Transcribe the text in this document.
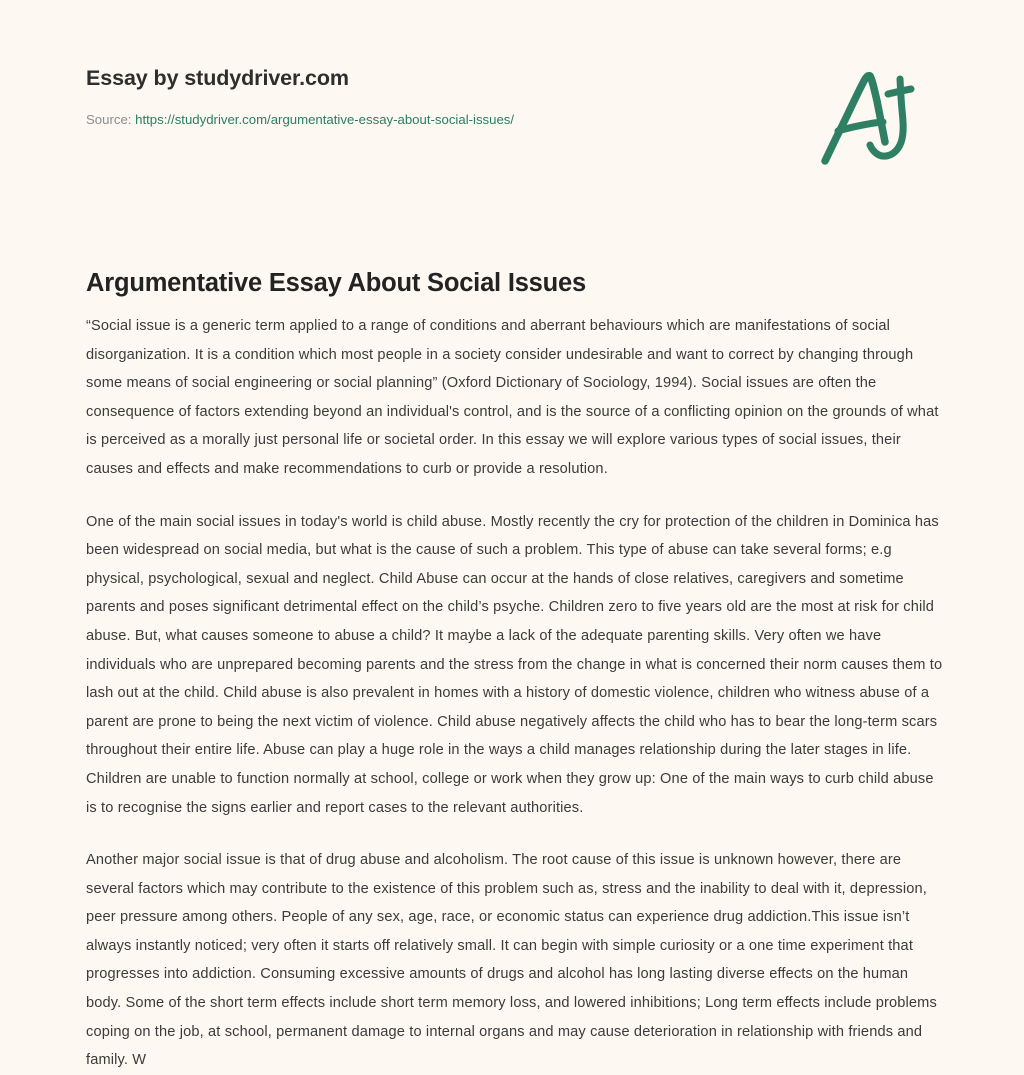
Essay by studydriver.com
Source: https://studydriver.com/argumentative-essay-about-social-issues/
Argumentative Essay About Social Issues

“Social issue is a generic term applied to a range of conditions and aberrant behaviours which are manifestations of social disorganization. It is a condition which most people in a society consider undesirable and want to correct by changing through some means of social engineering or social planning” (Oxford Dictionary of Sociology, 1994). Social issues are often the consequence of factors extending beyond an individual's control, and is the source of a conflicting opinion on the grounds of what is perceived as a morally just personal life or societal order. In this essay we will explore various types of social issues, their causes and effects and make recommendations to curb or provide a resolution.

One of the main social issues in today's world is child abuse. Mostly recently the cry for protection of the children in Dominica has been widespread on social media, but what is the cause of such a problem. This type of abuse can take several forms; e.g physical, psychological, sexual and neglect. Child Abuse can occur at the hands of close relatives, caregivers and sometime parents and poses significant detrimental effect on the child’s psyche. Children zero to five years old are the most at risk for child abuse. But, what causes someone to abuse a child? It maybe a lack of the adequate parenting skills. Very often we have individuals who are unprepared becoming parents and the stress from the change in what is concerned their norm causes them to lash out at the child. Child abuse is also prevalent in homes with a history of domestic violence, children who witness abuse of a parent are prone to being the next victim of violence. Child abuse negatively affects the child who has to bear the long-term scars throughout their entire life. Abuse can play a huge role in the ways a child manages relationship during the later stages in life. Children are unable to function normally at school, college or work when they grow up: One of the main ways to curb child abuse is to recognise the signs earlier and report cases to the relevant authorities.

Another major social issue is that of drug abuse and alcoholism. The root cause of this issue is unknown however, there are several factors which may contribute to the existence of this problem such as, stress and the inability to deal with it, depression, peer pressure among others. People of any sex, age, race, or economic status can experience drug addiction.This issue isn’t always instantly noticed; very often it starts off relatively small. It can begin with simple curiosity or a one time experiment that progresses into addiction. Consuming excessive amounts of drugs and alcohol has long lasting diverse effects on the human body. Some of the short term effects include short term memory loss, and lowered inhibitions; Long term effects include problems coping on the job, at school, permanent damage to internal organs and may cause deterioration in relationship with friends and family. W
